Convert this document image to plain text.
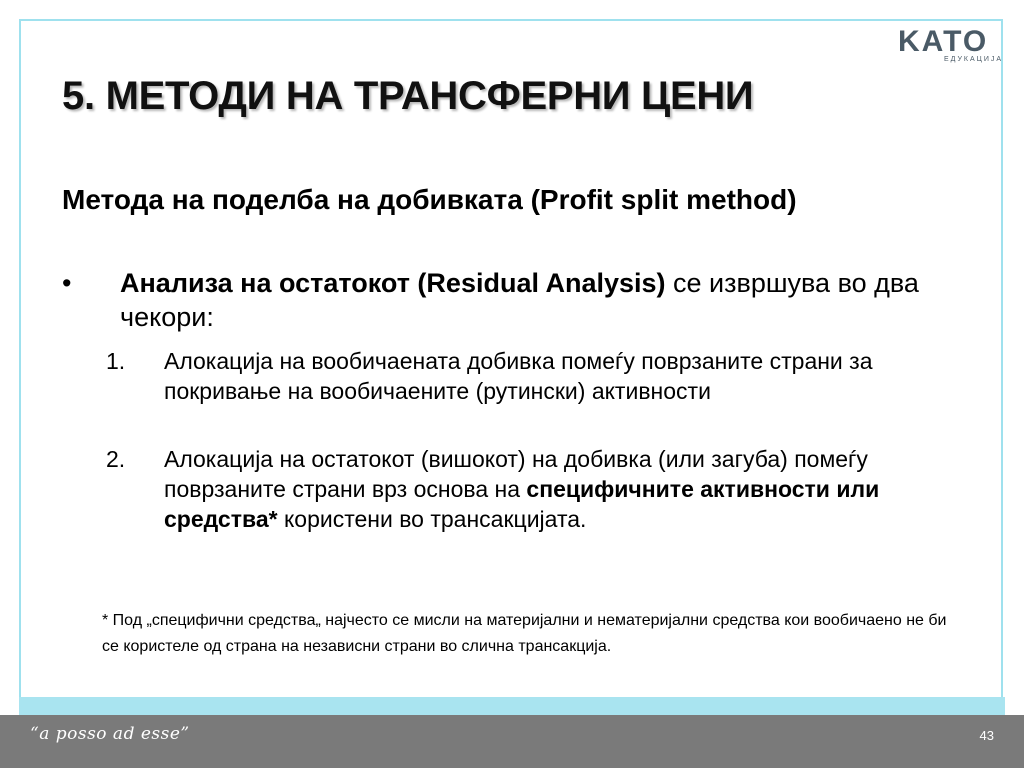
KATO
ЕДУКАЦИЈА
5. МЕТОДИ НА ТРАНСФЕРНИ ЦЕНИ
Метода на поделба на добивката (Profit split method)
• Анализа на остатокот (Residual Analysis) се извршува во два чекори:
1. Алокација на вообичаената добивка помеѓу поврзаните страни за покривање на вообичаените (рутински) активности
2. Алокација на остатокот (вишокот) на добивка (или загуба) помеѓу поврзаните страни врз основа на специфичните активности или средства* користени во трансакцијата.
* Под „специфични средства„ најчесто се мисли на материјални и нематеријални средства кои вообичаено не би се користеле од страна на независни страни во слична трансакција.
“a posso ad esse”	43
